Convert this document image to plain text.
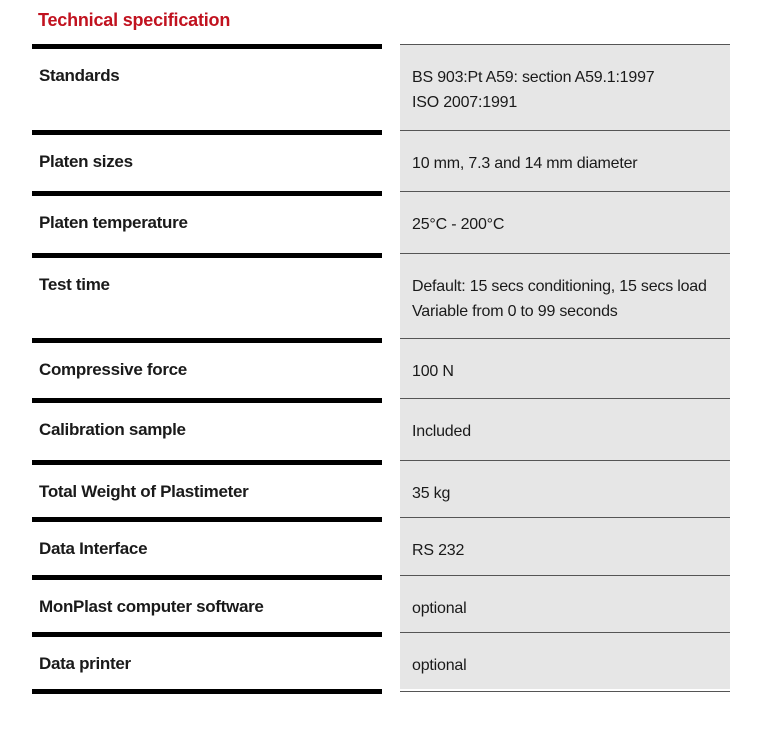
Technical specification
Standards	BS 903:Pt A59: section A59.1:1997
ISO 2007:1991
Platen sizes	10 mm, 7.3 and 14 mm diameter
Platen temperature	25°C - 200°C
Test time	Default: 15 secs conditioning, 15 secs load
Variable from 0 to 99 seconds
Compressive force	100 N
Calibration sample	Included
Total Weight of Plastimeter	35 kg
Data Interface	RS 232
MonPlast computer software	optional
Data printer	optional
